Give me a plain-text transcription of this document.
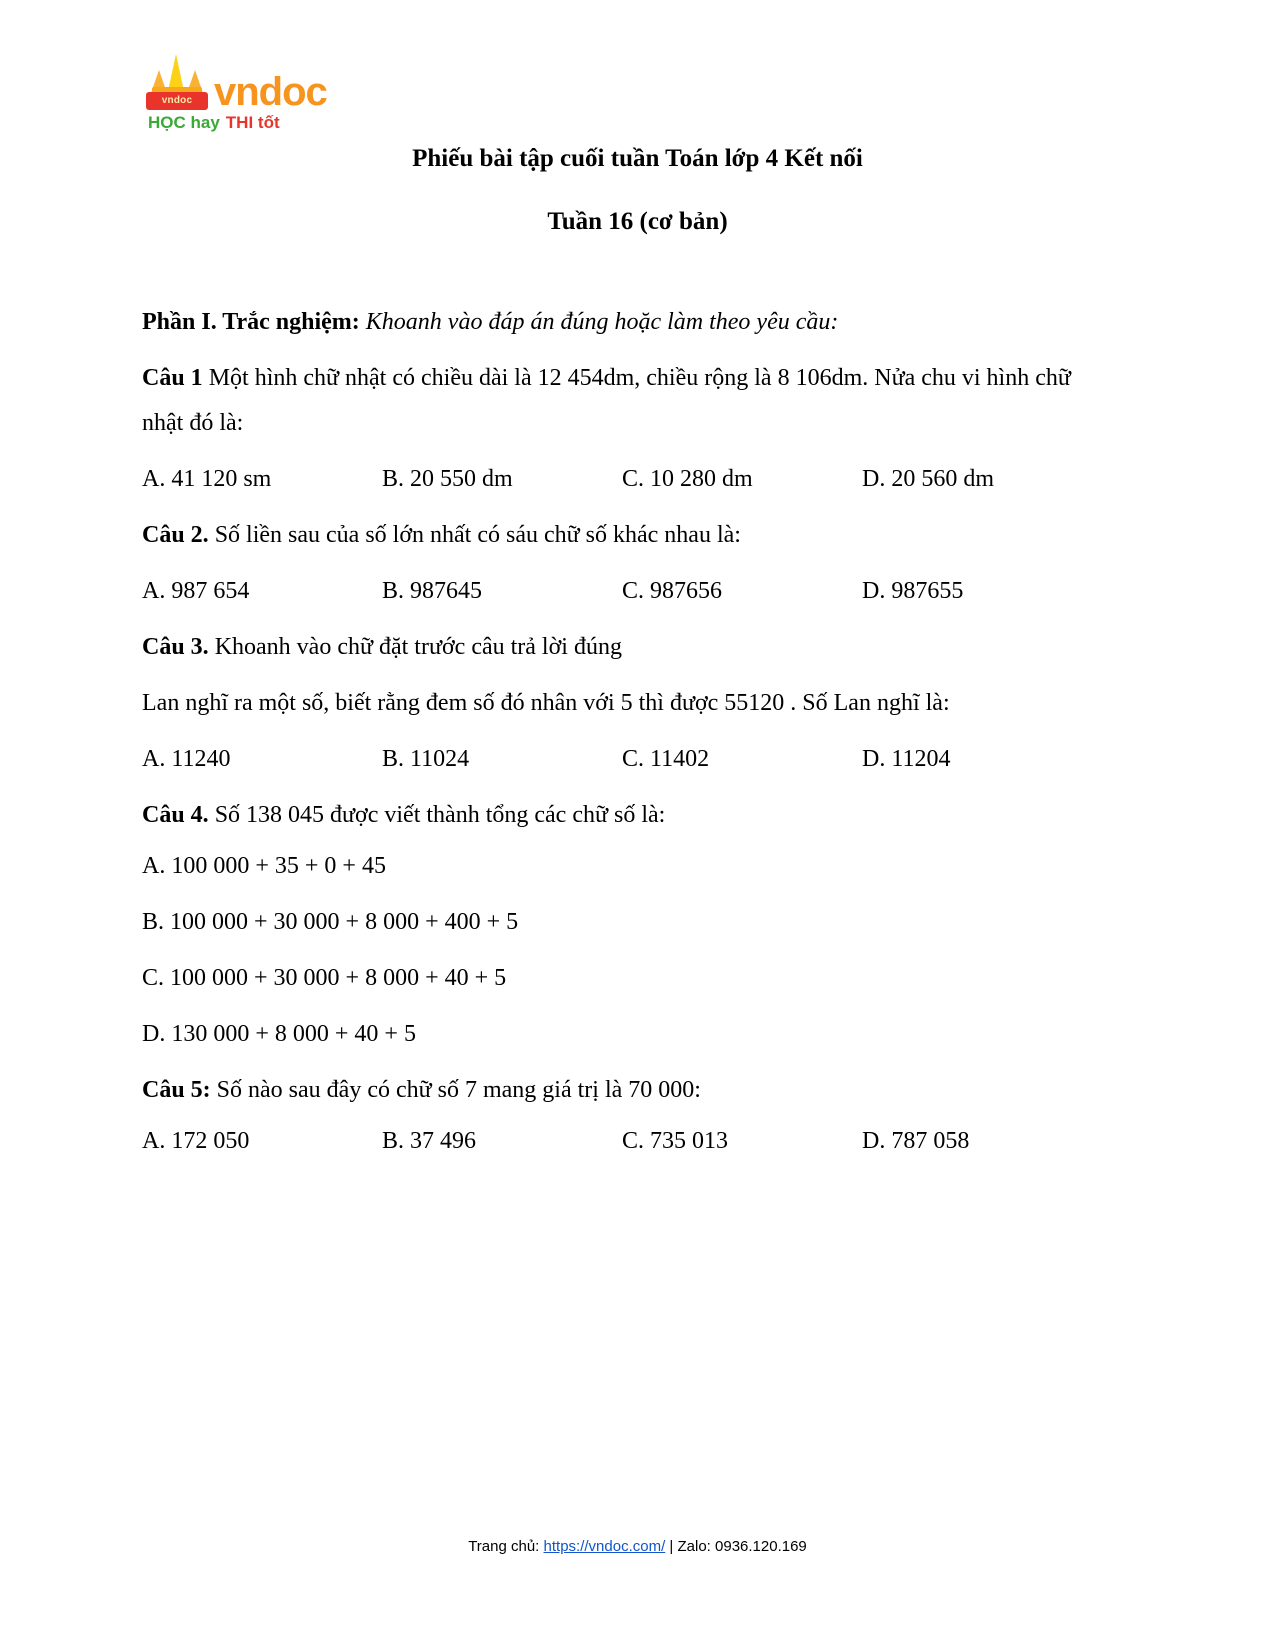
vndoc vndoc
HỌC hay THI tốt
Phiếu bài tập cuối tuần Toán lớp 4 Kết nối
Tuần 16 (cơ bản)

Phần I. Trắc nghiệm: Khoanh vào đáp án đúng hoặc làm theo yêu cầu:

Câu 1 Một hình chữ nhật có chiều dài là 12 454dm, chiều rộng là 8 106dm. Nửa chu vi hình chữ nhật đó là:

A. 41 120 sm	B. 20 550 dm	C. 10 280 dm	D. 20 560 dm

Câu 2. Số liền sau của số lớn nhất có sáu chữ số khác nhau là:

A. 987 654	B. 987645	C. 987656	D. 987655

Câu 3. Khoanh vào chữ đặt trước câu trả lời đúng

Lan nghĩ ra một số, biết rằng đem số đó nhân với 5 thì được 55120 . Số Lan nghĩ là:

A. 11240	B. 11024	C. 11402	D. 11204

Câu 4. Số 138 045 được viết thành tổng các chữ số là:

A. 100 000 + 35 + 0 + 45

B. 100 000 + 30 000 + 8 000 + 400 + 5

C. 100 000 + 30 000 + 8 000 + 40 + 5

D. 130 000 + 8 000 + 40 + 5

Câu 5: Số nào sau đây có chữ số 7 mang giá trị là 70 000:

A. 172 050	B. 37 496	C. 735 013	D. 787 058
Trang chủ: https://vndoc.com/ | Zalo: 0936.120.169
